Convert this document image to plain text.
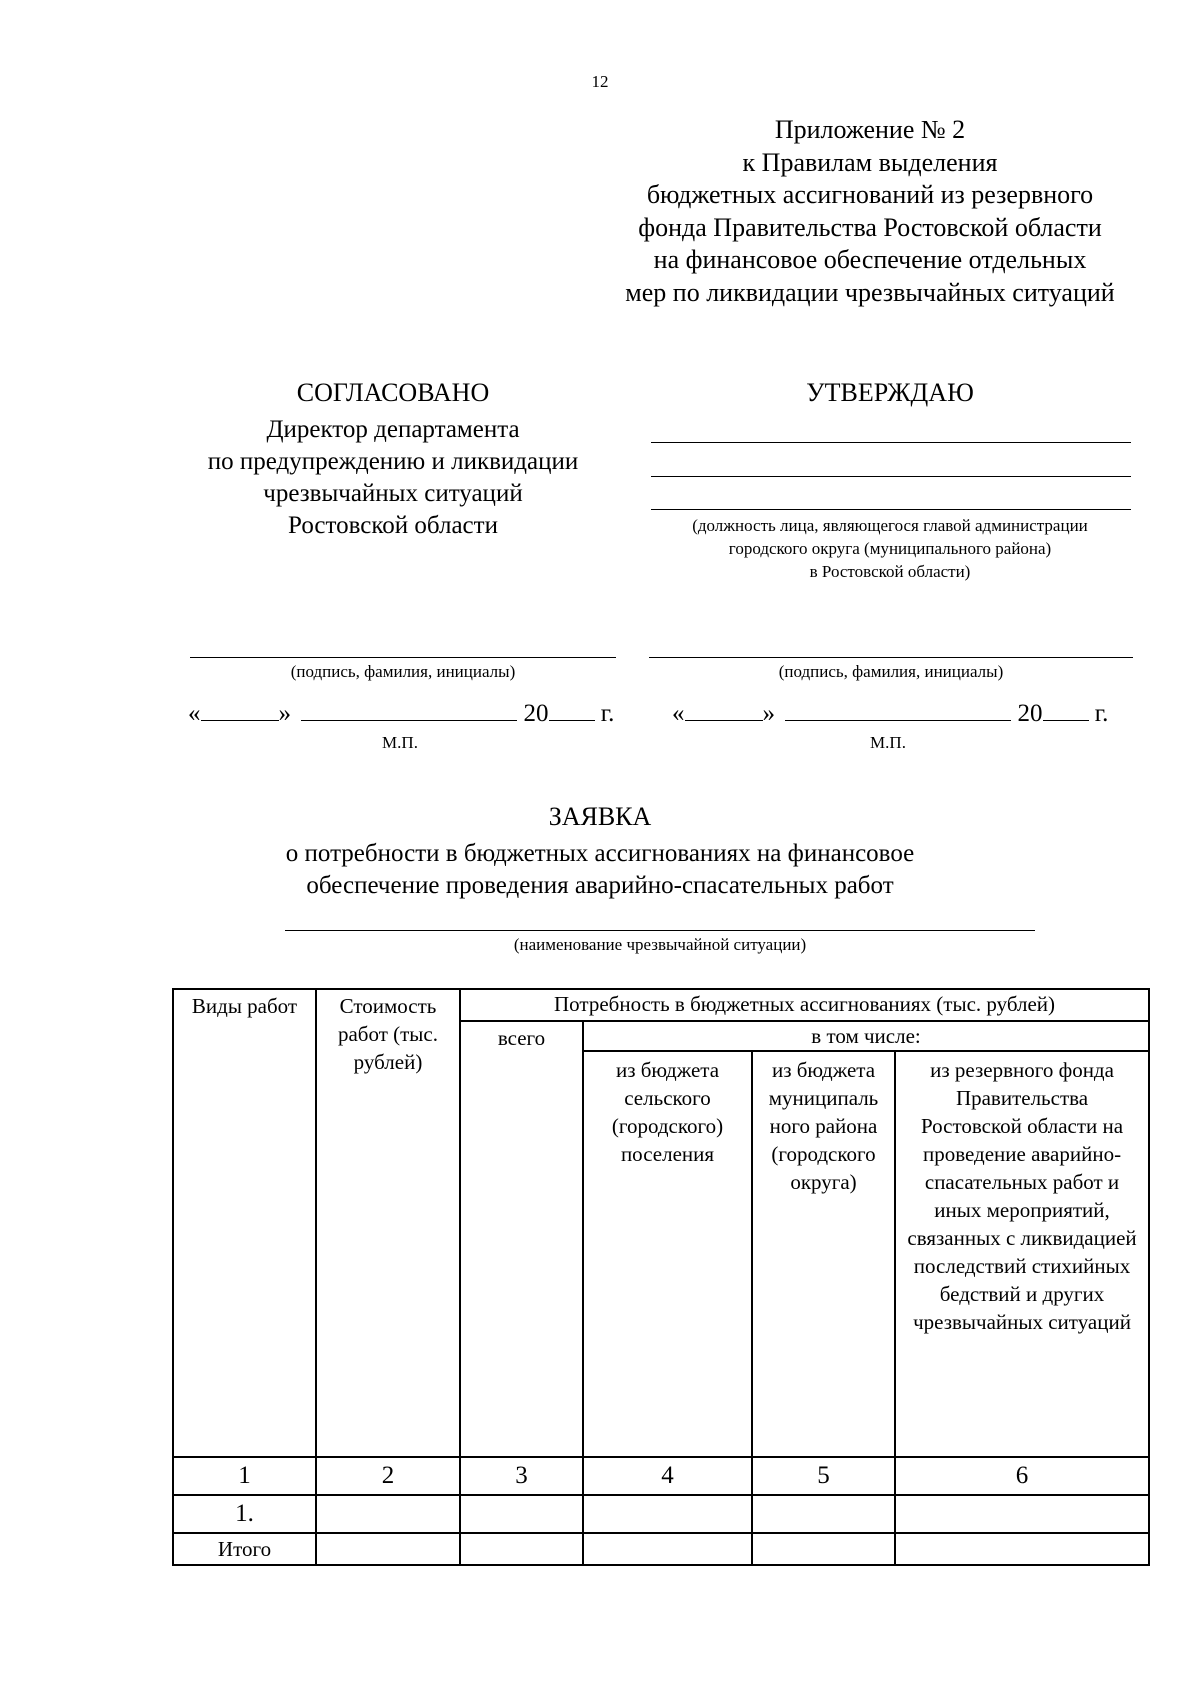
12
Приложение № 2
к Правилам выделения
бюджетных ассигнований из резервного
фонда Правительства Ростовской области
на финансовое обеспечение отдельных
мер по ликвидации чрезвычайных ситуаций
СОГЛАСОВАНО
Директор департамента
по предупреждению и ликвидации
чрезвычайных ситуаций
Ростовской области
УТВЕРЖДАЮ
(должность лица, являющегося главой администрации
городского округа (муниципального района)
в Ростовской области)
(подпись, фамилия, инициалы)	(подпись, фамилия, инициалы)
«	»	20 г.
М.П.
«	»	20 г.
М.П.
ЗАЯВКА
о потребности в бюджетных ассигнованиях на финансовое
обеспечение проведения аварийно-спасательных работ
(наименование чрезвычайной ситуации)
Виды работ	Стоимость работ (тыс. рублей)	Потребность в бюджетных ассигнованиях (тыс. рублей)			
		всего	в том числе:		
			из бюджета сельского (городского) поселения	из бюджета муниципаль ного района (городского округа)	из резервного фонда Правительства Ростовской области на проведение аварийно-спасательных работ и иных мероприятий, связанных с ликвидацией последствий стихийных бедствий и других чрезвычайных ситуаций
1	2	3	4	5	6
1.					
Итого					
